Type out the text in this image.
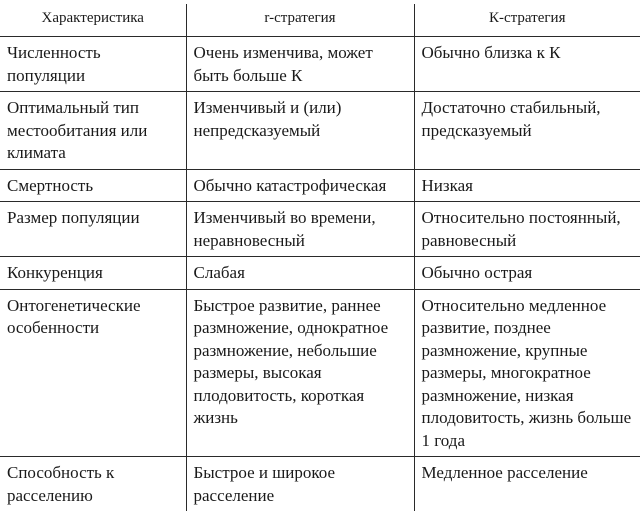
Характеристика	r-стратегия	К-стратегия
Численность популяции	Очень изменчива, может быть больше К	Обычно близка к К
Оптимальный тип местообитания или климата	Изменчивый и (или) непредсказуемый	Достаточно стабильный, предсказуемый
Смертность	Обычно катастрофическая	Низкая
Размер популяции	Изменчивый во времени, неравновесный	Относительно постоянный, равновесный
Конкуренция	Слабая	Обычно острая
Онтогенетические особенности	Быстрое развитие, раннее размножение, однократное размножение, небольшие размеры, высокая плодовитость, короткая жизнь	Относительно медленное развитие, позднее размножение, крупные размеры, многократное размножение, низкая плодовитость, жизнь больше 1 года
Способность к расселению	Быстрое и широкое расселение	Медленное расселение
